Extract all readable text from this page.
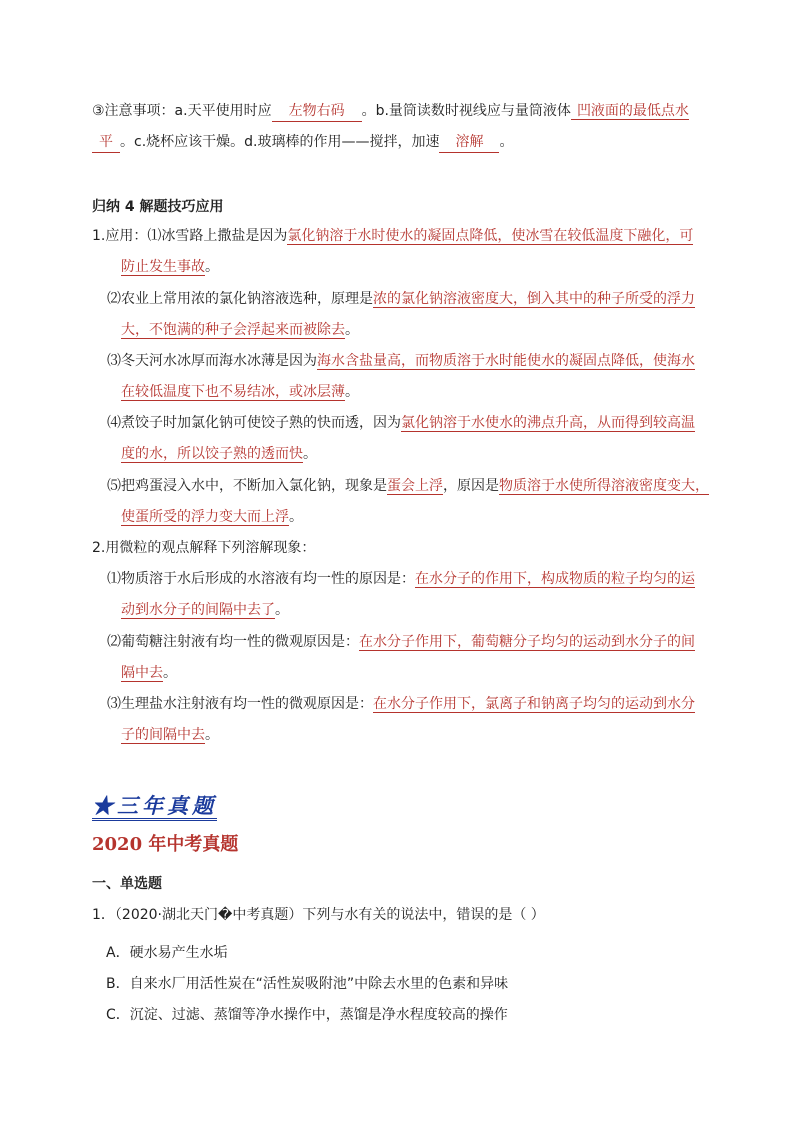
③注意事项：a.天平使用时应 左物右码 。b.量筒读数时视线应与量筒液体 凹液面的最低点水
平 。c.烧杯应该干燥。d.玻璃棒的作用——搅拌，加速 溶解 。
归纳 4 解题技巧应用
1.应用：⑴冰雪路上撒盐是因为氯化钠溶于水时使水的凝固点降低，使冰雪在较低温度下融化，可
防止发生事故。
⑵农业上常用浓的氯化钠溶液选种，原理是浓的氯化钠溶液密度大，倒入其中的种子所受的浮力
大，不饱满的种子会浮起来而被除去。
⑶冬天河水冰厚而海水冰薄是因为海水含盐量高，而物质溶于水时能使水的凝固点降低，使海水
在较低温度下也不易结冰，或冰层薄。
⑷煮饺子时加氯化钠可使饺子熟的快而透，因为氯化钠溶于水使水的沸点升高，从而得到较高温
度的水，所以饺子熟的透而快。
⑸把鸡蛋浸入水中，不断加入氯化钠，现象是蛋会上浮，原因是物质溶于水使所得溶液密度变大，
使蛋所受的浮力变大而上浮。
2.用微粒的观点解释下列溶解现象：
⑴物质溶于水后形成的水溶液有均一性的原因是：在水分子的作用下，构成物质的粒子均匀的运
动到水分子的间隔中去了。
⑵葡萄糖注射液有均一性的微观原因是：在水分子作用下，葡萄糖分子均匀的运动到水分子的间
隔中去。
⑶生理盐水注射液有均一性的微观原因是：在水分子作用下，氯离子和钠离子均匀的运动到水分
子的间隔中去。
★三年真题
2020 年中考真题
一、单选题
1．（2020·湖北天门�中考真题）下列与水有关的说法中，错误的是（ ）
A．硬水易产生水垢
B．自来水厂用活性炭在“活性炭吸附池”中除去水里的色素和异味
C．沉淀、过滤、蒸馏等净水操作中，蒸馏是净水程度较高的操作
